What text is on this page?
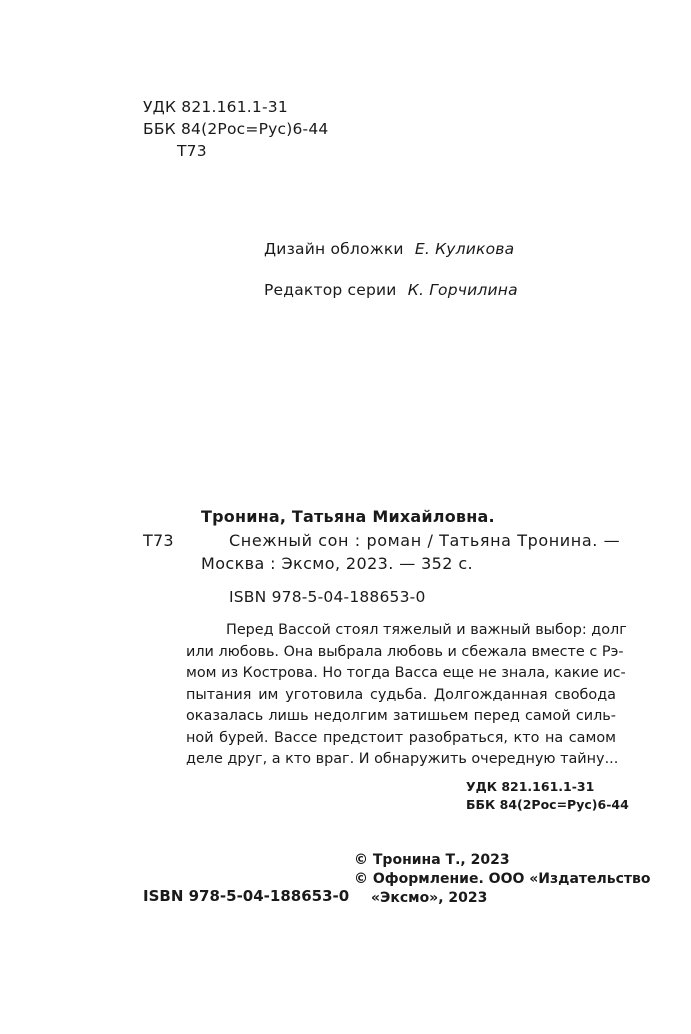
УДК 821.161.1-31
ББК 84(2Рос=Рус)6-44
Т73
Дизайн обложки Е. Куликова
Редактор серии К. Горчилина
Тронина, Татьяна Михайловна.
Т73	Снежный сон : роман / Татьяна Тронина. —
Москва : Эксмо, 2023. — 352 с.
ISBN 978-5-04-188653-0
Перед Вассой стоял тяжелый и важный выбор: долг
или любовь. Она выбрала любовь и сбежала вместе с Рэ-
мом из Кострова. Но тогда Васса еще не знала, какие ис-
пытания им уготовила судьба. Долгожданная свобода
оказалась лишь недолгим затишьем перед самой силь-
ной бурей. Вассе предстоит разобраться, кто на самом
деле друг, а кто враг. И обнаружить очередную тайну...
УДК 821.161.1-31
ББК 84(2Рос=Рус)6-44
© Тронина Т., 2023
© Оформление. ООО «Издательство
«Эксмо», 2023
ISBN 978-5-04-188653-0
